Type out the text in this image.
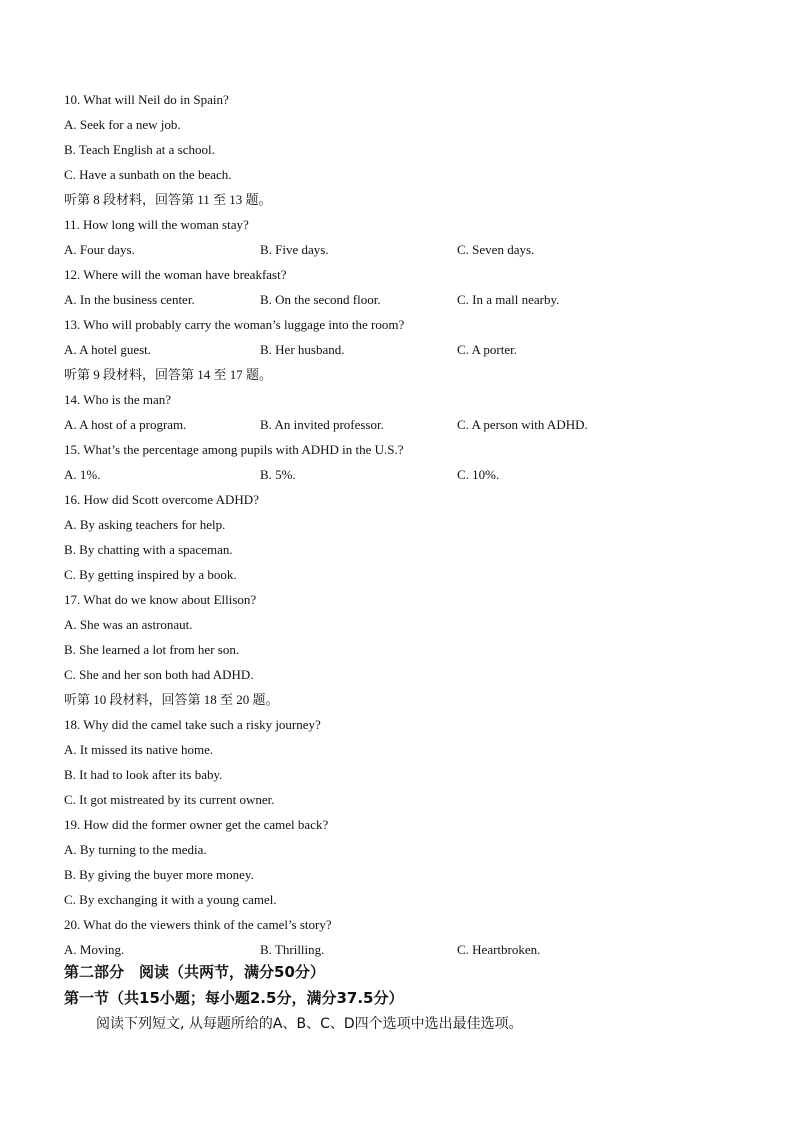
10. What will Neil do in Spain?
A. Seek for a new job.
B. Teach English at a school.
C. Have a sunbath on the beach.
听第 8 段材料，回答第 11 至 13 题。
11. How long will the woman stay?
A. Four days.	B. Five days.	C. Seven days.
12. Where will the woman have breakfast?
A. In the business center.	B. On the second floor.	C. In a mall nearby.
13. Who will probably carry the woman’s luggage into the room?
A. A hotel guest.	B. Her husband.	C. A porter.
听第 9 段材料，回答第 14 至 17 题。
14. Who is the man?
A. A host of a program.	B. An invited professor.	C. A person with ADHD.
15. What’s the percentage among pupils with ADHD in the U.S.?
A. 1%.	B. 5%.	C. 10%.
16. How did Scott overcome ADHD?
A. By asking teachers for help.
B. By chatting with a spaceman.
C. By getting inspired by a book.
17. What do we know about Ellison?
A. She was an astronaut.
B. She learned a lot from her son.
C. She and her son both had ADHD.
听第 10 段材料，回答第 18 至 20 题。
18. Why did the camel take such a risky journey?
A. It missed its native home.
B. It had to look after its baby.
C. It got mistreated by its current owner.
19. How did the former owner get the camel back?
A. By turning to the media.
B. By giving the buyer more money.
C. By exchanging it with a young camel.
20. What do the viewers think of the camel’s story?
A. Moving.	B. Thrilling.	C. Heartbroken.
第二部分　阅读（共两节，满分50分）
第一节（共15小题；每小题2.5分，满分37.5分）
阅读下列短文, 从每题所给的A、B、C、D四个选项中选出最佳选项。
